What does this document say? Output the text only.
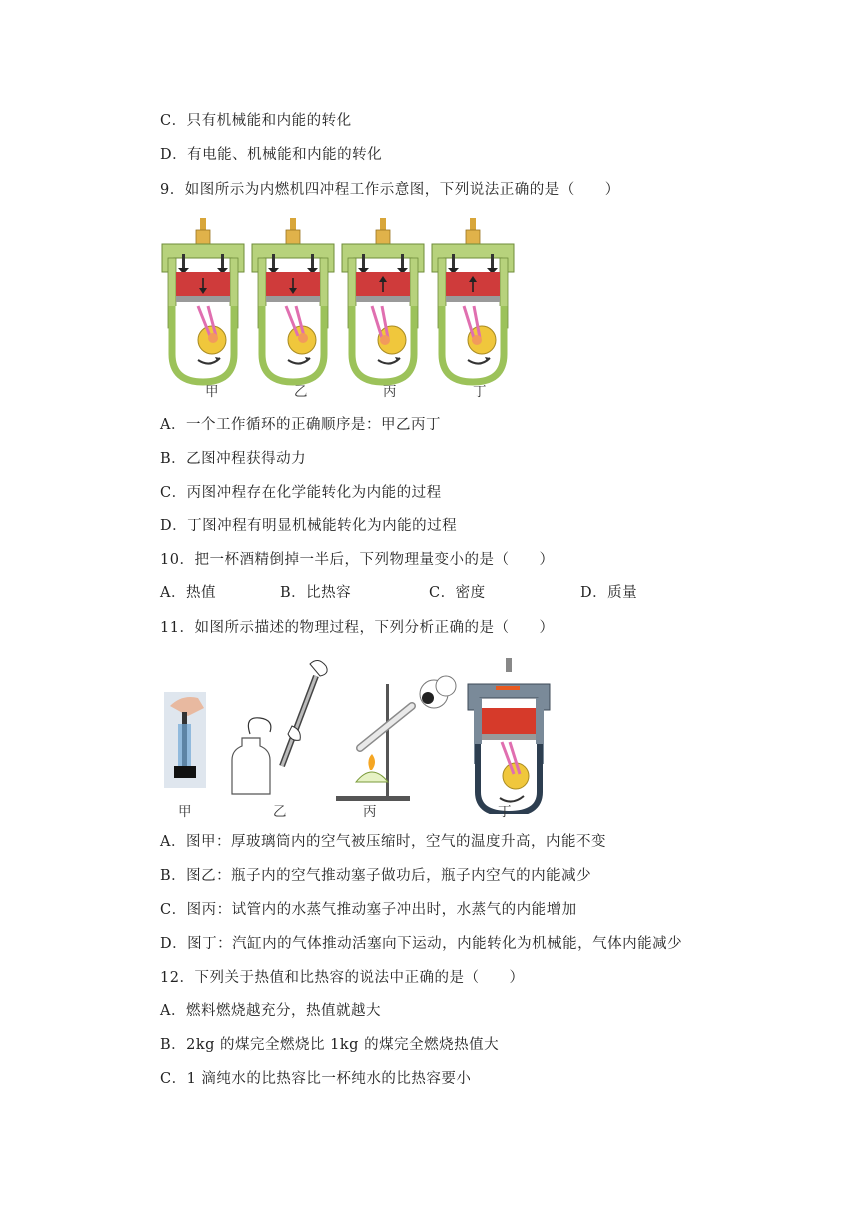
C．只有机械能和内能的转化
D．有电能、机械能和内能的转化
9．如图所示为内燃机四冲程工作示意图，下列说法正确的是（　　）
甲	乙	丙	丁
A．一个工作循环的正确顺序是：甲乙丙丁
B．乙图冲程获得动力
C．丙图冲程存在化学能转化为内能的过程
D．丁图冲程有明显机械能转化为内能的过程
10．把一杯酒精倒掉一半后，下列物理量变小的是（　　）
A．热值	B．比热容	C．密度	D．质量
11．如图所示描述的物理过程，下列分析正确的是（　　）
甲	乙	丙	丁
A．图甲：厚玻璃筒内的空气被压缩时，空气的温度升高，内能不变
B．图乙：瓶子内的空气推动塞子做功后，瓶子内空气的内能减少
C．图丙：试管内的水蒸气推动塞子冲出时，水蒸气的内能增加
D．图丁：汽缸内的气体推动活塞向下运动，内能转化为机械能，气体内能减少
12．下列关于热值和比热容的说法中正确的是（　　）
A．燃料燃烧越充分，热值就越大
B．2kg 的煤完全燃烧比 1kg 的煤完全燃烧热值大
C．1 滴纯水的比热容比一杯纯水的比热容要小
